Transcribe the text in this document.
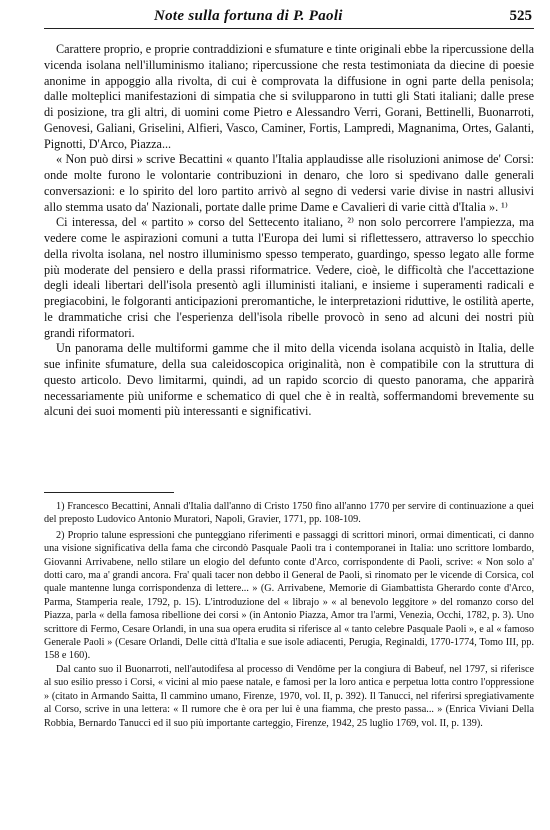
Note sulla fortuna di P. Paoli	525

Carattere proprio, e proprie contraddizioni e sfumature e tinte originali ebbe la ripercussione della vicenda isolana nell'illuminismo italiano; ripercussione che resta testimoniata da diecine di poesie anonime in appoggio alla rivolta, di cui è comprovata la diffusione in ogni parte della penisola; dalle molteplici manifestazioni di simpatia che si svilupparono in tutti gli Stati italiani; dalle prese di posizione, tra gli altri, di uomini come Pietro e Alessandro Verri, Gorani, Bettinelli, Buonarroti, Genovesi, Galiani, Griselini, Alfieri, Vasco, Caminer, Fortis, Lampredi, Magnanima, Ortes, Galanti, Pignotti, D'Arco, Piazza...

« Non può dirsi » scrive Becattini « quanto l'Italia applaudisse alle risoluzioni animose de' Corsi: onde molte furono le volontarie contribuzioni in denaro, che loro si spedivano dalle generali conversazioni: e lo spirito del loro partito arrivò al segno di vedersi varie divise in nastri allusivi allo stemma usato da' Nazionali, portate dalle prime Dame e Cavalieri di varie città d'Italia ». ¹⁾

Ci interessa, del « partito » corso del Settecento italiano, ²⁾ non solo percorrere l'ampiezza, ma vedere come le aspirazioni comuni a tutta l'Europa dei lumi si riflettessero, attraverso lo specchio della rivolta isolana, nel nostro illuminismo spesso temperato, guardingo, spesso legato alle forme più moderate del pensiero e della prassi riformatrice. Vedere, cioè, le difficoltà che l'accettazione degli ideali libertari dell'isola presentò agli illuministi italiani, e insieme i superamenti radicali e pregiacobini, le folgoranti anticipazioni preromantiche, le interpretazioni riduttive, le ostilità aperte, le drammatiche crisi che l'esperienza dell'isola ribelle provocò in seno ad alcuni dei nostri più grandi riformatori.

Un panorama delle multiformi gamme che il mito della vicenda isolana acquistò in Italia, delle sue infinite sfumature, della sua caleidoscopica originalità, non è compatibile con la struttura di questo articolo. Devo limitarmi, quindi, ad un rapido scorcio di questo panorama, che apparirà necessariamente più uniforme e schematico di quel che è in realtà, soffermandomi brevemente su alcuni dei suoi momenti più interessanti e significativi.

1) Francesco Becattini, Annali d'Italia dall'anno di Cristo 1750 fino all'anno 1770 per servire di continuazione a quei del preposto Ludovico Antonio Muratori, Napoli, Gravier, 1771, pp. 108-109.

2) Proprio talune espressioni che punteggiano riferimenti e passaggi di scrittori minori, ormai dimenticati, ci danno una visione significativa della fama che circondò Pasquale Paoli tra i contemporanei in Italia: uno scrittore lombardo, Giovanni Arrivabene, nello stilare un elogio del defunto conte d'Arco, corrispondente di Paoli, scrive: « Non solo a' dotti caro, ma a' grandi ancora. Fra' quali tacer non debbo il General de Paoli, sì rinomato per le vicende di Corsica, col quale mantenne lunga corrispondenza di lettere... » (G. Arrivabene, Memorie di Giambattista Gherardo conte d'Arco, Parma, Stamperia reale, 1792, p. 15). L'introduzione del « librajo » « al benevolo leggitore » del romanzo corso del Piazza, parla « della famosa ribellione dei corsi » (in Antonio Piazza, Amor tra l'armi, Venezia, Occhi, 1782, p. 3). Uno scrittore di Fermo, Cesare Orlandi, in una sua opera erudita si riferisce al « tanto celebre Pasquale Paoli », e al « famoso Generale Paoli » (Cesare Orlandi, Delle città d'Italia e sue isole adiacenti, Perugia, Reginaldi, 1770-1774, Tomo III, pp. 158 e 160).

Dal canto suo il Buonarroti, nell'autodifesa al processo di Vendôme per la congiura di Babeuf, nel 1797, si riferisce al suo esilio presso i Corsi, « vicini al mio paese natale, e famosi per la loro antica e perpetua lotta contro l'oppressione » (citato in Armando Saitta, Il cammino umano, Firenze, 1970, vol. II, p. 392). Il Tanucci, nel riferirsi spregiativamente al Corso, scrive in una lettera: « Il rumore che è ora per lui è una fiamma, che presto passa... » (Enrica Viviani Della Robbia, Bernardo Tanucci ed il suo più importante carteggio, Firenze, 1942, 25 luglio 1769, vol. II, p. 139).
